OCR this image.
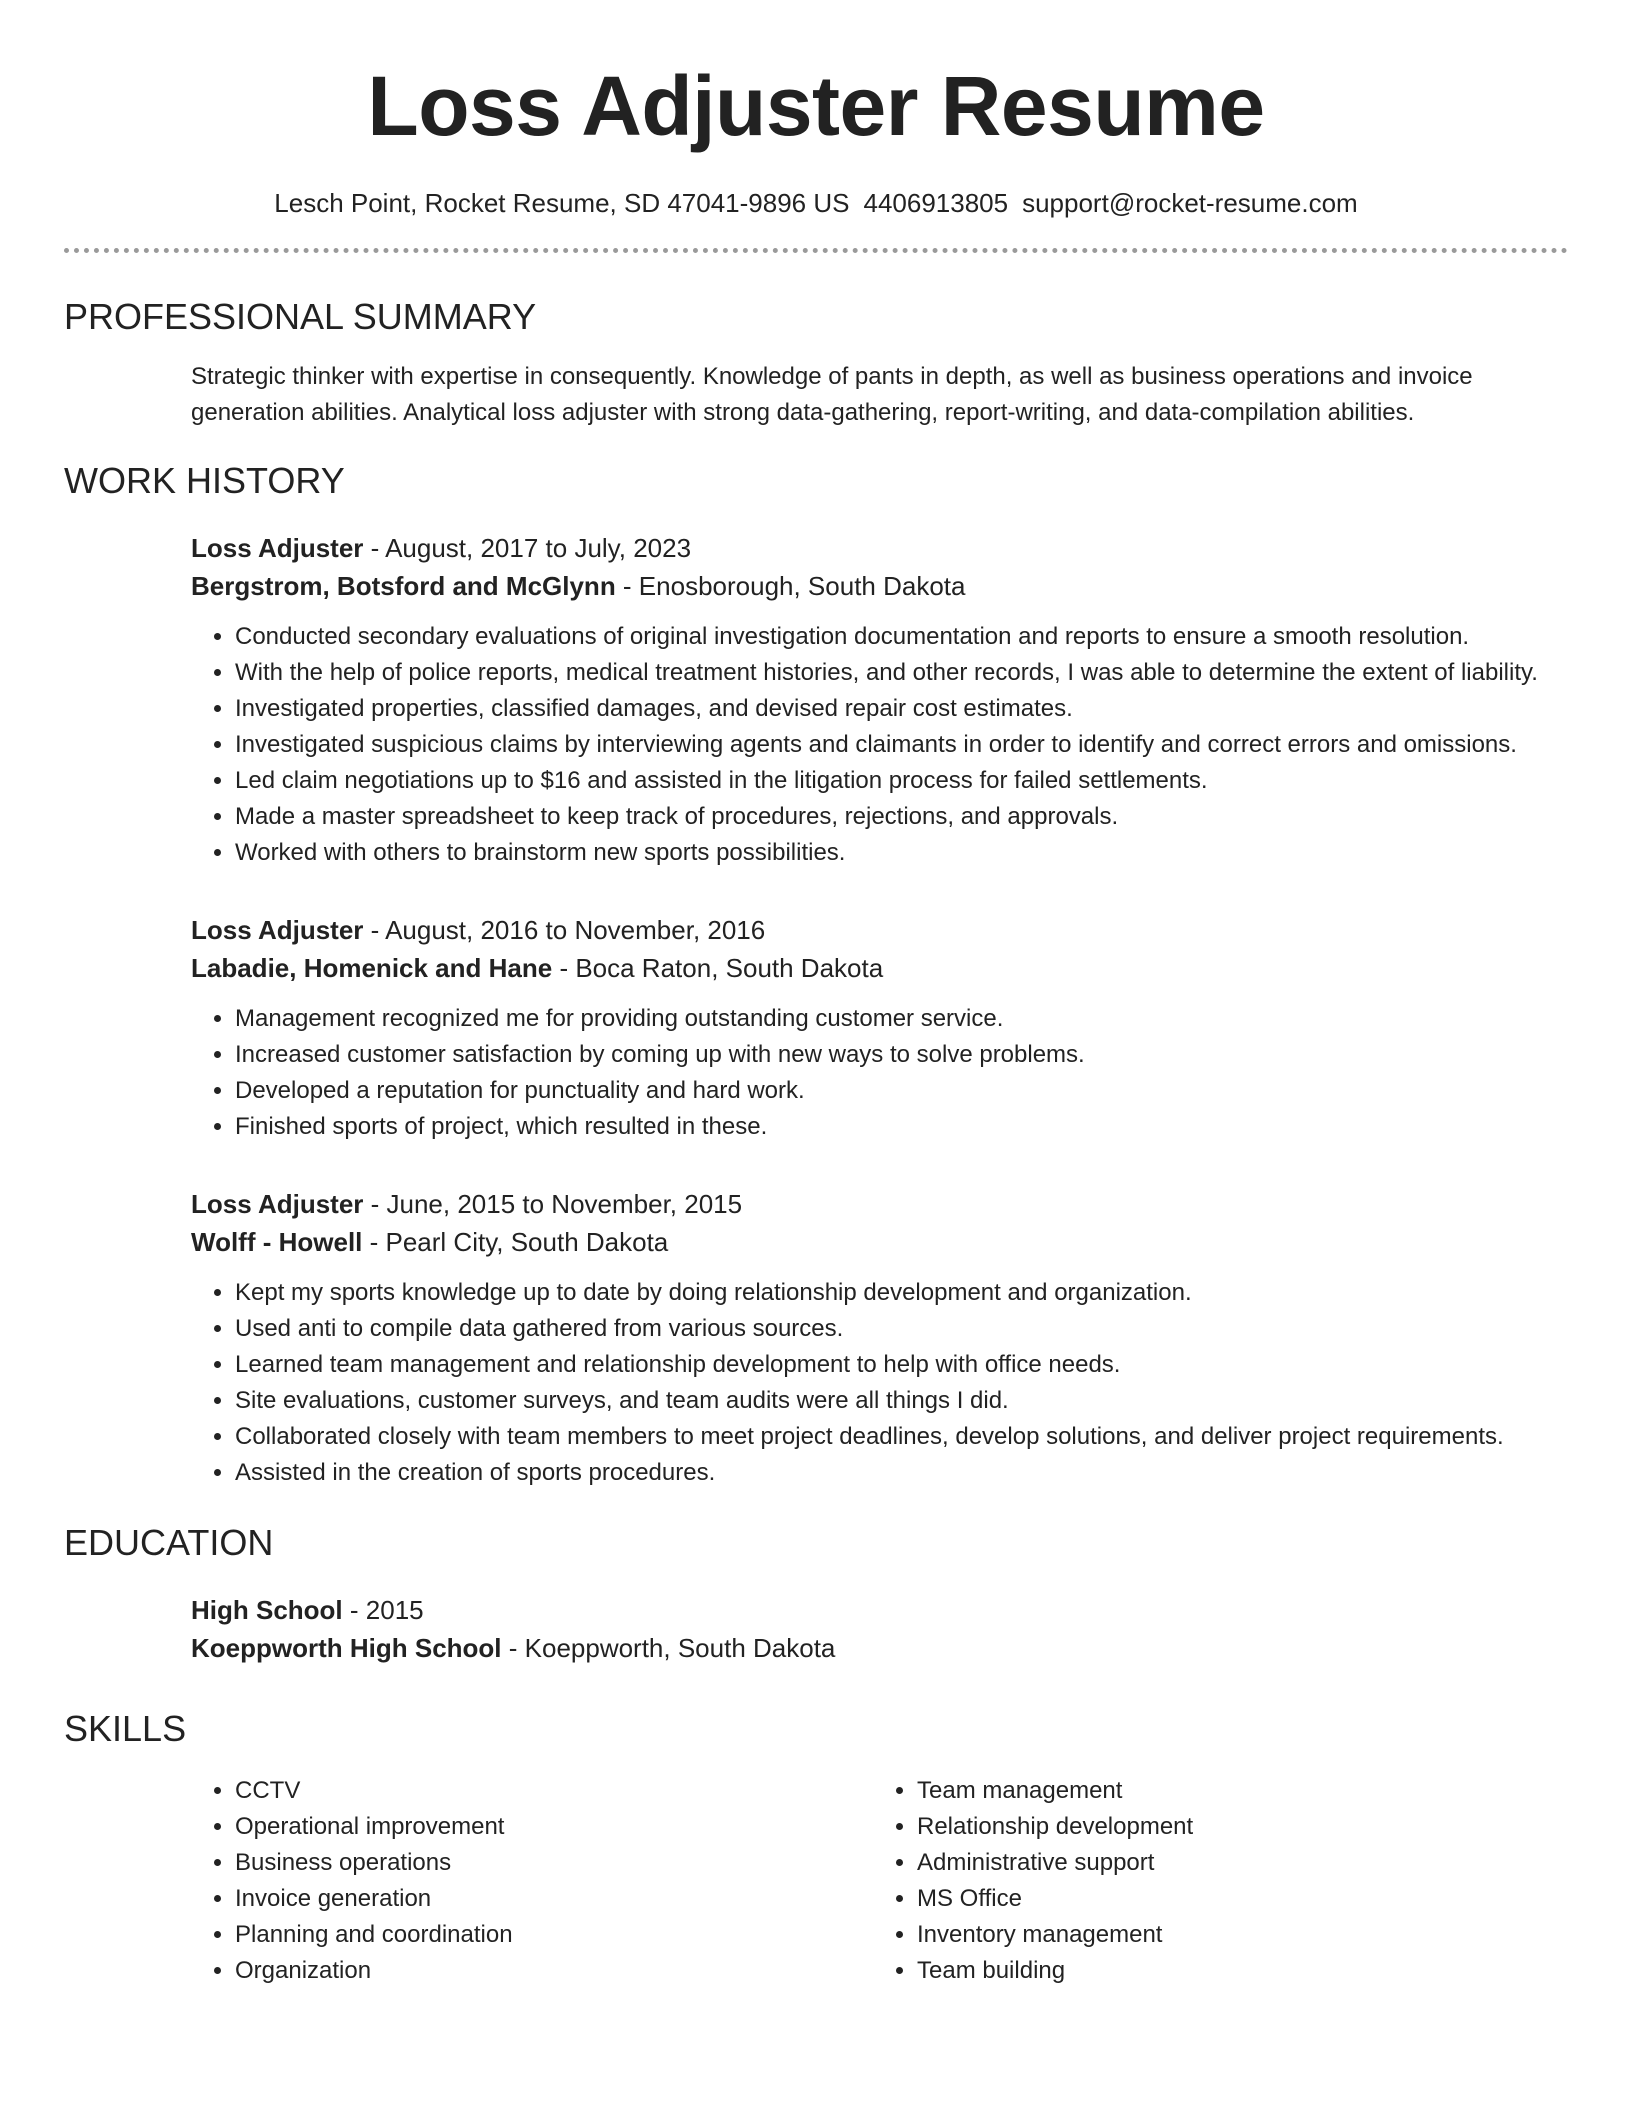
Loss Adjuster Resume
Lesch Point, Rocket Resume, SD 47041-9896 US 4406913805 support@rocket-resume.com
PROFESSIONAL SUMMARY

Strategic thinker with expertise in consequently. Knowledge of pants in depth, as well as business operations and invoice generation abilities. Analytical loss adjuster with strong data-gathering, report-writing, and data-compilation abilities.

WORK HISTORY

Loss Adjuster - August, 2017 to July, 2023

Bergstrom, Botsford and McGlynn - Enosborough, South Dakota

• Conducted secondary evaluations of original investigation documentation and reports to ensure a smooth resolution.
• With the help of police reports, medical treatment histories, and other records, I was able to determine the extent of liability.
• Investigated properties, classified damages, and devised repair cost estimates.
• Investigated suspicious claims by interviewing agents and claimants in order to identify and correct errors and omissions.
• Led claim negotiations up to $16 and assisted in the litigation process for failed settlements.
• Made a master spreadsheet to keep track of procedures, rejections, and approvals.
• Worked with others to brainstorm new sports possibilities.

Loss Adjuster - August, 2016 to November, 2016

Labadie, Homenick and Hane - Boca Raton, South Dakota

• Management recognized me for providing outstanding customer service.
• Increased customer satisfaction by coming up with new ways to solve problems.
• Developed a reputation for punctuality and hard work.
• Finished sports of project, which resulted in these.

Loss Adjuster - June, 2015 to November, 2015

Wolff - Howell - Pearl City, South Dakota

• Kept my sports knowledge up to date by doing relationship development and organization.
• Used anti to compile data gathered from various sources.
• Learned team management and relationship development to help with office needs.
• Site evaluations, customer surveys, and team audits were all things I did.
• Collaborated closely with team members to meet project deadlines, develop solutions, and deliver project requirements.
• Assisted in the creation of sports procedures.
EDUCATION

High School - 2015

Koeppworth High School - Koeppworth, South Dakota

SKILLS
• CCTV
• Operational improvement
• Business operations
• Invoice generation
• Planning and coordination
• Organization
• Team management
• Relationship development
• Administrative support
• MS Office
• Inventory management
• Team building
